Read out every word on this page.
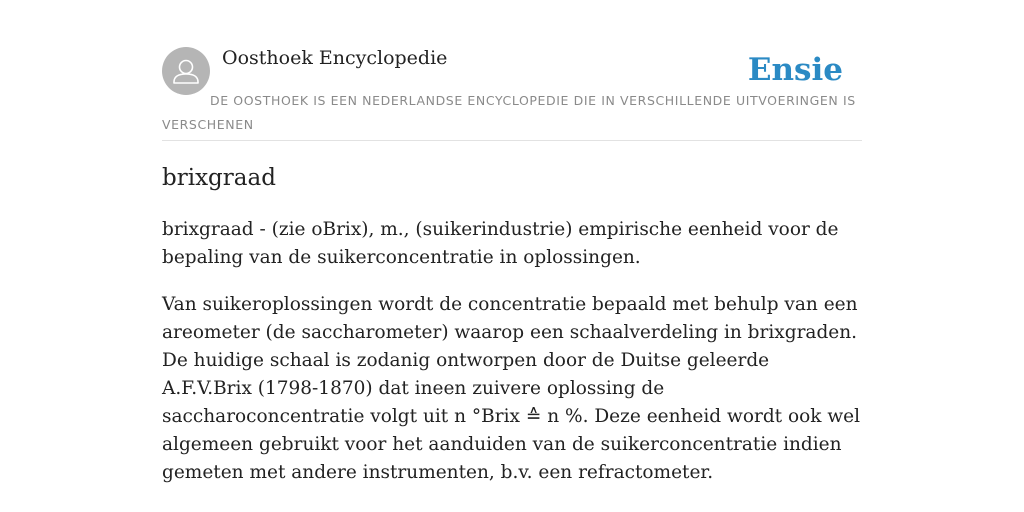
Oosthoek Encyclopedie	Ensie
DE OOSTHOEK IS EEN NEDERLANDSE ENCYCLOPEDIE DIE IN VERSCHILLENDE UITVOERINGEN IS VERSCHENEN
brixgraad

brixgraad - (zie oBrix), m., (suikerindustrie) empirische eenheid voor de bepaling van de suikerconcentratie in oplossingen.

Van suikeroplossingen wordt de concentratie bepaald met behulp van een areometer (de saccharometer) waarop een schaalverdeling in brixgraden. De huidige schaal is zodanig ontworpen door de Duitse geleerde A.F.V.Brix (1798-1870) dat ineen zuivere oplossing de saccharoconcentratie volgt uit n °Brix ≙ n %. Deze eenheid wordt ook wel algemeen gebruikt voor het aanduiden van de suikerconcentratie indien gemeten met andere instrumenten, b.v. een refractometer.
